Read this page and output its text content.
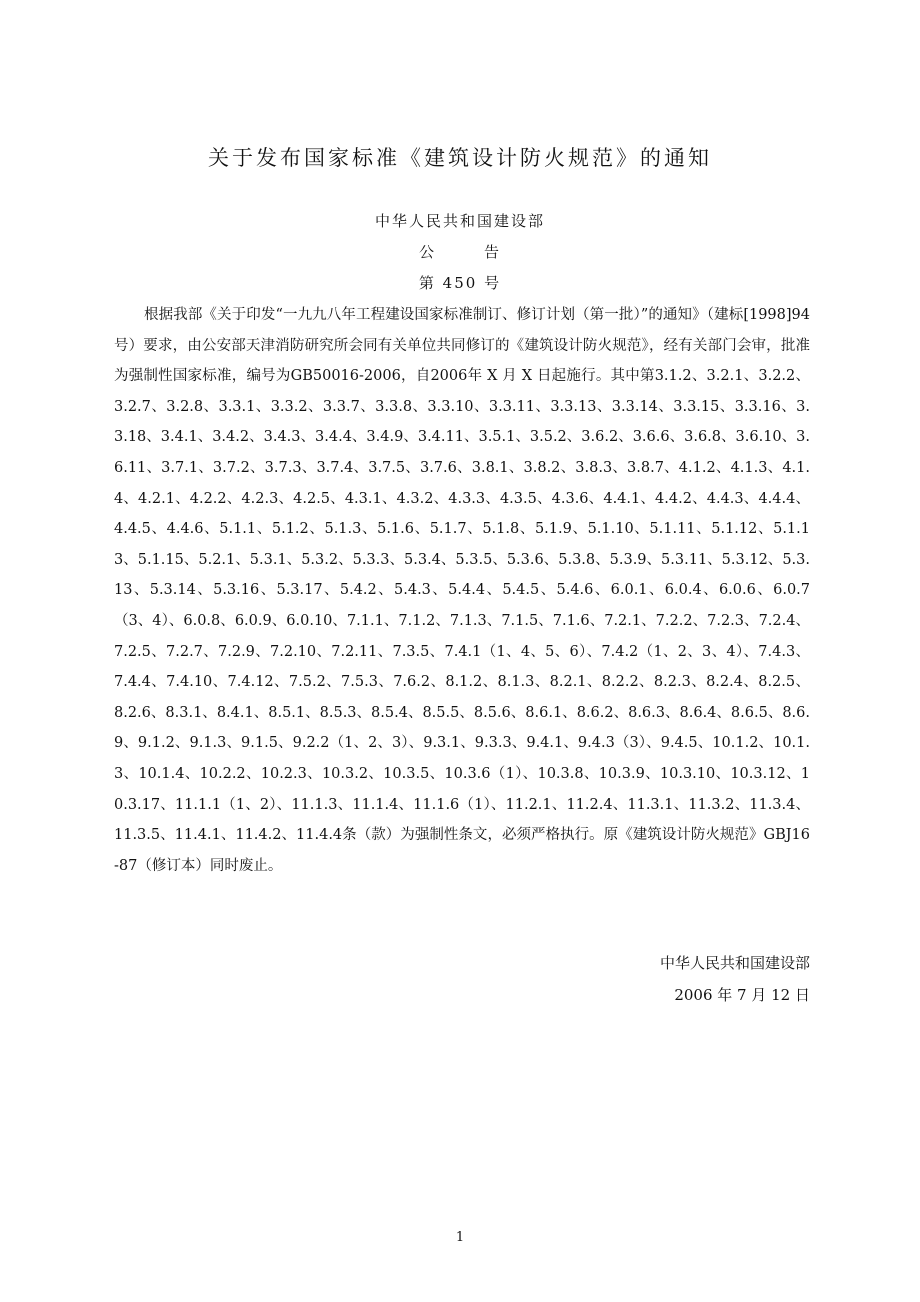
关于发布国家标准《建筑设计防火规范》的通知
中华人民共和国建设部
公	告
第 450 号

根据我部《关于印发“一九九八年工程建设国家标准制订、修订计划（第一批）”的通知》（建标[1998]94号）要求，由公安部天津消防研究所会同有关单位共同修订的《建筑设计防火规范》，经有关部门会审，批准为强制性国家标准，编号为GB50016-2006，自2006年 X 月 X 日起施行。其中第3.1.2、3.2.1、3.2.2、3.2.7、3.2.8、3.3.1、3.3.2、3.3.7、3.3.8、3.3.10、3.3.11、3.3.13、3.3.14、3.3.15、3.3.16、3.3.18、3.4.1、3.4.2、3.4.3、3.4.4、3.4.9、3.4.11、3.5.1、3.5.2、3.6.2、3.6.6、3.6.8、3.6.10、3.6.11、3.7.1、3.7.2、3.7.3、3.7.4、3.7.5、3.7.6、3.8.1、3.8.2、3.8.3、3.8.7、4.1.2、4.1.3、4.1.4、4.2.1、4.2.2、4.2.3、4.2.5、4.3.1、4.3.2、4.3.3、4.3.5、4.3.6、4.4.1、4.4.2、4.4.3、4.4.4、4.4.5、4.4.6、5.1.1、5.1.2、5.1.3、5.1.6、5.1.7、5.1.8、5.1.9、5.1.10、5.1.11、5.1.12、5.1.13、5.1.15、5.2.1、5.3.1、5.3.2、5.3.3、5.3.4、5.3.5、5.3.6、5.3.8、5.3.9、5.3.11、5.3.12、5.3.13、5.3.14、5.3.16、5.3.17、5.4.2、5.4.3、5.4.4、5.4.5、5.4.6、6.0.1、6.0.4、6.0.6、6.0.7（3、4）、6.0.8、6.0.9、6.0.10、7.1.1、7.1.2、7.1.3、7.1.5、7.1.6、7.2.1、7.2.2、7.2.3、7.2.4、7.2.5、7.2.7、7.2.9、7.2.10、7.2.11、7.3.5、7.4.1（1、4、5、6）、7.4.2（1、2、3、4）、7.4.3、7.4.4、7.4.10、7.4.12、7.5.2、7.5.3、7.6.2、8.1.2、8.1.3、8.2.1、8.2.2、8.2.3、8.2.4、8.2.5、8.2.6、8.3.1、8.4.1、8.5.1、8.5.3、8.5.4、8.5.5、8.5.6、8.6.1、8.6.2、8.6.3、8.6.4、8.6.5、8.6.9、9.1.2、9.1.3、9.1.5、9.2.2（1、2、3）、9.3.1、9.3.3、9.4.1、9.4.3（3）、9.4.5、10.1.2、10.1.3、10.1.4、10.2.2、10.2.3、10.3.2、10.3.5、10.3.6（1）、10.3.8、10.3.9、10.3.10、10.3.12、10.3.17、11.1.1（1、2）、11.1.3、11.1.4、11.1.6（1）、11.2.1、11.2.4、11.3.1、11.3.2、11.3.4、11.3.5、11.4.1、11.4.2、11.4.4条（款）为强制性条文，必须严格执行。原《建筑设计防火规范》GBJ16-87（修订本）同时废止。

中华人民共和国建设部
2006 年 7 月 12 日
1
